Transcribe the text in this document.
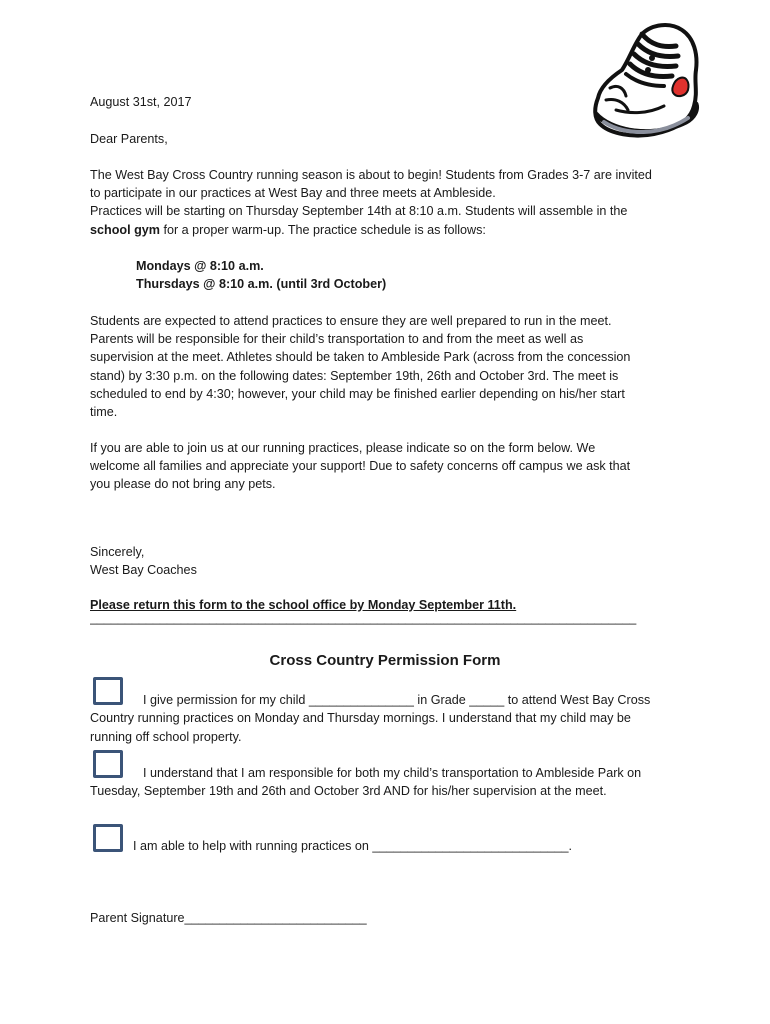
August 31st, 2017

Dear Parents,

The West Bay Cross Country running season is about to begin! Students from Grades 3-7 are invited
to participate in our practices at West Bay and three meets at Ambleside.
Practices will be starting on Thursday September 14th at 8:10 a.m. Students will assemble in the
school gym for a proper warm-up. The practice schedule is as follows:
Mondays @ 8:10 a.m.
Thursdays @ 8:10 a.m. (until 3rd October)
Students are expected to attend practices to ensure they are well prepared to run in the meet.
Parents will be responsible for their child’s transportation to and from the meet as well as
supervision at the meet. Athletes should be taken to Ambleside Park (across from the concession
stand) by 3:30 p.m. on the following dates: September 19th, 26th and October 3rd. The meet is
scheduled to end by 4:30; however, your child may be finished earlier depending on his/her start
time.
If you are able to join us at our running practices, please indicate so on the form below. We
welcome all families and appreciate your support! Due to safety concerns off campus we ask that
you please do not bring any pets.
Sincerely,
West Bay Coaches
Please return this form to the school office by Monday September 11th.
______________________________________________________________________________
Cross Country Permission Form
I give permission for my child _______________ in Grade _____ to attend West Bay Cross
Country running practices on Monday and Thursday mornings. I understand that my child may be
running off school property.
I understand that I am responsible for both my child’s transportation to Ambleside Park on
Tuesday, September 19th and 26th and October 3rd AND for his/her supervision at the meet.
I am able to help with running practices on ____________________________.
Parent Signature__________________________
